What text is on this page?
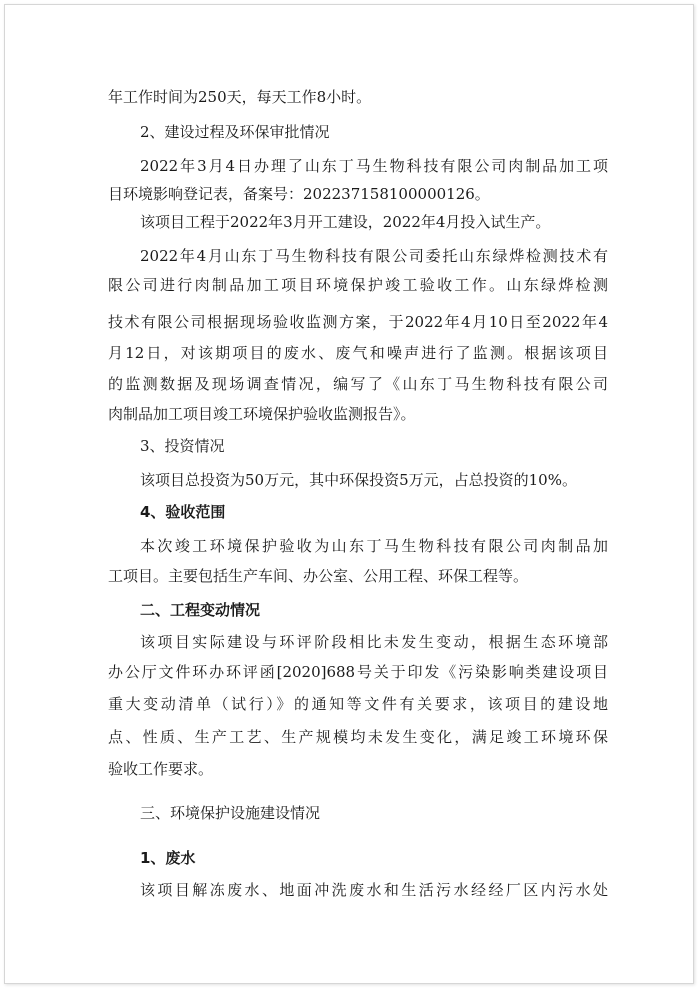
年工作时间为250天，每天工作8小时。
2、建设过程及环保审批情况
2022年3月4日办理了山东丁马生物科技有限公司肉制品加工项
目环境影响登记表，备案号：202237158100000126。
该项目工程于2022年3月开工建设，2022年4月投入试生产。
2022年4月山东丁马生物科技有限公司委托山东绿烨检测技术有
限公司进行肉制品加工项目环境保护竣工验收工作。山东绿烨检测
技术有限公司根据现场验收监测方案，于2022年4月10日至2022年4
月12日，对该期项目的废水、废气和噪声进行了监测。根据该项目
的监测数据及现场调查情况，编写了《山东丁马生物科技有限公司
肉制品加工项目竣工环境保护验收监测报告》。
3、投资情况
该项目总投资为50万元，其中环保投资5万元，占总投资的10%。
4、验收范围
本次竣工环境保护验收为山东丁马生物科技有限公司肉制品加
工项目。主要包括生产车间、办公室、公用工程、环保工程等。
二、工程变动情况
该项目实际建设与环评阶段相比未发生变动，根据生态环境部
办公厅文件环办环评函[2020]688号关于印发《污染影响类建设项目
重大变动清单（试行）》的通知等文件有关要求，该项目的建设地
点、性质、生产工艺、生产规模均未发生变化，满足竣工环境环保
验收工作要求。
三、环境保护设施建设情况
1、废水
该项目解冻废水、地面冲洗废水和生活污水经经厂区内污水处
